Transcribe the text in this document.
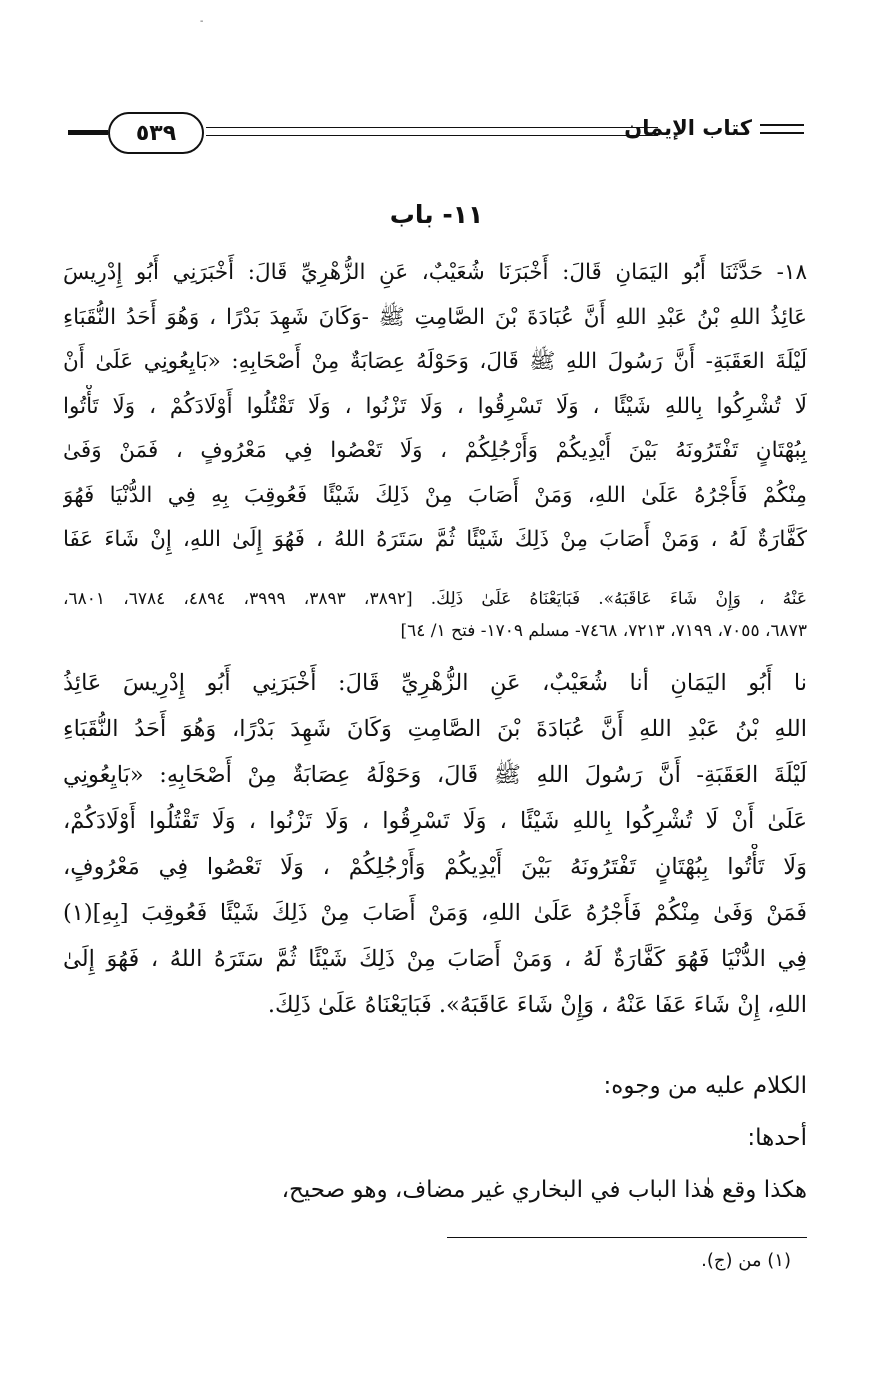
‐
كتاب الإيمان
٥٣٩
١١- باب
١٨- حَدَّثَنَا أَبُو اليَمَانِ قَالَ: أَخْبَرَنَا شُعَيْبٌ، عَنِ الزُّهْرِيِّ قَالَ: أَخْبَرَنِي أَبُو إِدْرِيسَ
عَائِذُ اللهِ بْنُ عَبْدِ اللهِ أَنَّ عُبَادَةَ بْنَ الصَّامِتِ ﷺ -وَكَانَ شَهِدَ بَدْرًا ، وَهُوَ أَحَدُ النُّقَبَاءِ
لَيْلَةَ العَقَبَةِ- أَنَّ رَسُولَ اللهِ ﷺ قَالَ، وَحَوْلَهُ عِصَابَةٌ مِنْ أَصْحَابِهِ: «بَايِعُونِي عَلَىٰ أَنْ
لَا تُشْرِكُوا بِاللهِ شَيْئًا ، وَلَا تَسْرِقُوا ، وَلَا تَزْنُوا ، وَلَا تَقْتُلُوا أَوْلَادَكُمْ ، وَلَا تَأْتُوا
بِبُهْتَانٍ تَفْتَرُونَهُ بَيْنَ أَيْدِيكُمْ وَأَرْجُلِكُمْ ، وَلَا تَعْصُوا فِي مَعْرُوفٍ ، فَمَنْ وَفَىٰ
مِنْكُمْ فَأَجْرُهُ عَلَىٰ اللهِ، وَمَنْ أَصَابَ مِنْ ذَلِكَ شَيْئًا فَعُوقِبَ بِهِ فِي الدُّنْيَا فَهُوَ
كَفَّارَةٌ لَهُ ، وَمَنْ أَصَابَ مِنْ ذَلِكَ شَيْئًا ثُمَّ سَتَرَهُ اللهُ ، فَهُوَ إِلَىٰ اللهِ، إِنْ شَاءَ عَفَا
عَنْهُ ، وَإِنْ شَاءَ عَاقَبَهُ». فَبَايَعْنَاهُ عَلَىٰ ذَلِكَ. [٣٨٩٢، ٣٨٩٣، ٣٩٩٩، ٤٨٩٤، ٦٧٨٤، ٦٨٠١،
٦٨٧٣، ٧٠٥٥، ٧١٩٩، ٧٢١٣، ٧٤٦٨- مسلم ١٧٠٩- فتح ١/ ٦٤]
نا أَبُو اليَمَانِ أنا شُعَيْبٌ، عَنِ الزُّهْرِيِّ قَالَ: أَخْبَرَنِي أَبُو إِدْرِيسَ عَائِذُ
اللهِ بْنُ عَبْدِ اللهِ أَنَّ عُبَادَةَ بْنَ الصَّامِتِ وَكَانَ شَهِدَ بَدْرًا، وَهُوَ أَحَدُ النُّقَبَاءِ
لَيْلَةَ العَقَبَةِ- أَنَّ رَسُولَ اللهِ ﷺ قَالَ، وَحَوْلَهُ عِصَابَةٌ مِنْ أَصْحَابِهِ: «بَايِعُونِي
عَلَىٰ أَنْ لَا تُشْرِكُوا بِاللهِ شَيْئًا ، وَلَا تَسْرِقُوا ، وَلَا تَزْنُوا ، وَلَا تَقْتُلُوا أَوْلَادَكُمْ،
وَلَا تَأْتُوا بِبُهْتَانٍ تَفْتَرُونَهُ بَيْنَ أَيْدِيكُمْ وَأَرْجُلِكُمْ ، وَلَا تَعْصُوا فِي مَعْرُوفٍ،
فَمَنْ وَفَىٰ مِنْكُمْ فَأَجْرُهُ عَلَىٰ اللهِ، وَمَنْ أَصَابَ مِنْ ذَلِكَ شَيْئًا فَعُوقِبَ [بِهِ](١)
فِي الدُّنْيَا فَهُوَ كَفَّارَةٌ لَهُ ، وَمَنْ أَصَابَ مِنْ ذَلِكَ شَيْئًا ثُمَّ سَتَرَهُ اللهُ ، فَهُوَ إِلَىٰ
اللهِ، إِنْ شَاءَ عَفَا عَنْهُ ، وَإِنْ شَاءَ عَاقَبَهُ». فَبَايَعْنَاهُ عَلَىٰ ذَلِكَ.
الكلام عليه من وجوه:
أحدها:
هكذا وقع هٰذا الباب في البخاري غير مضاف، وهو صحيح،
(١) من (ج).
